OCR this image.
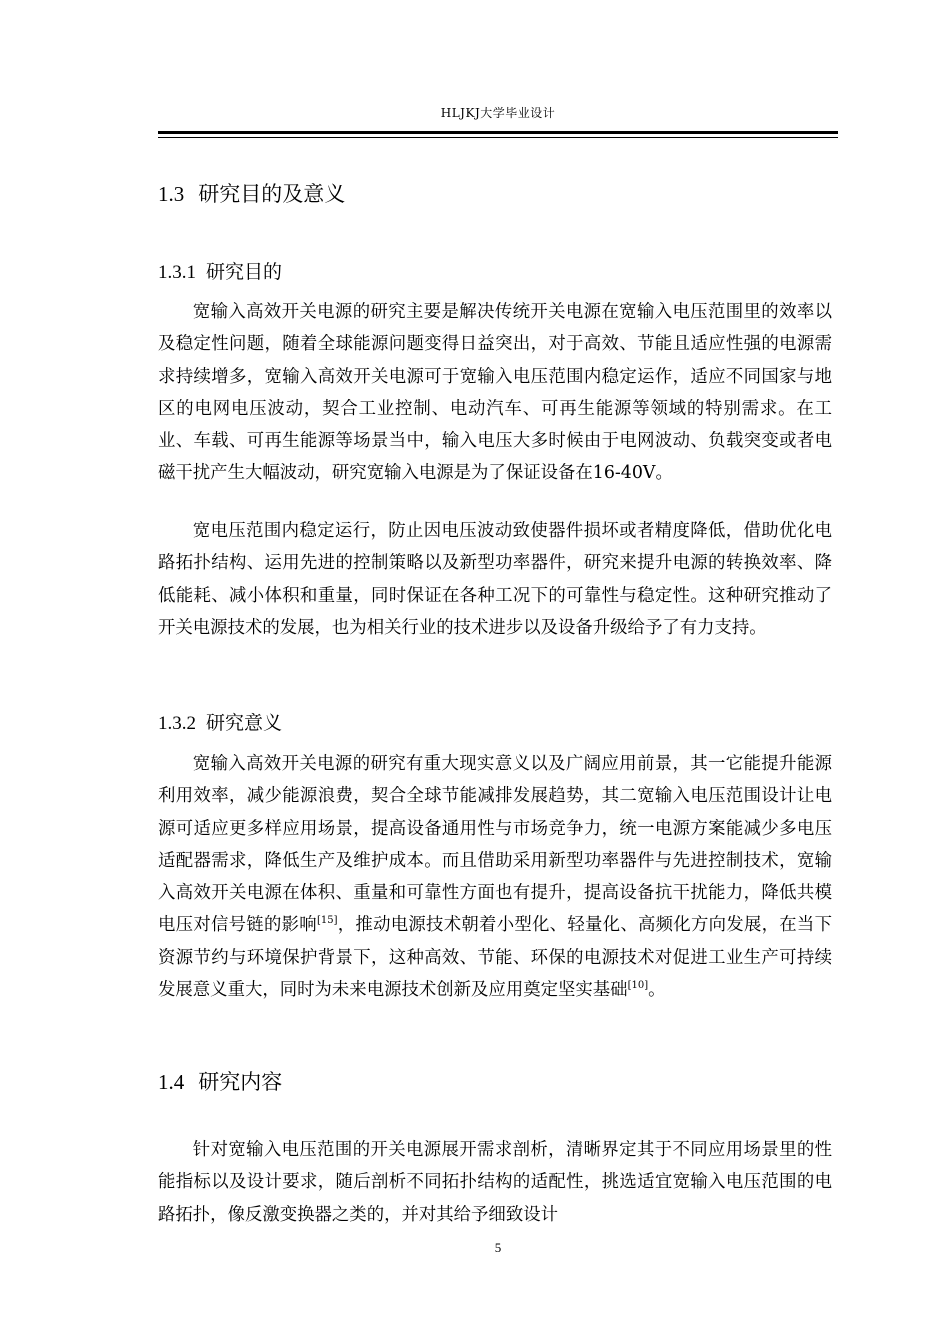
HLJKJ大学毕业设计
1.3 研究目的及意义
1.3.1 研究目的

宽输入高效开关电源的研究主要是解决传统开关电源在宽输入电压范围里的效率以及稳定性问题，随着全球能源问题变得日益突出，对于高效、节能且适应性强的电源需求持续增多，宽输入高效开关电源可于宽输入电压范围内稳定运作，适应不同国家与地区的电网电压波动，契合工业控制、电动汽车、可再生能源等领域的特别需求。在工业、车载、可再生能源等场景当中，输入电压大多时候由于电网波动、负载突变或者电磁干扰产生大幅波动，研究宽输入电源是为了保证设备在16-40V。

宽电压范围内稳定运行，防止因电压波动致使器件损坏或者精度降低，借助优化电路拓扑结构、运用先进的控制策略以及新型功率器件，研究来提升电源的转换效率、降低能耗、减小体积和重量，同时保证在各种工况下的可靠性与稳定性。这种研究推动了开关电源技术的发展，也为相关行业的技术进步以及设备升级给予了有力支持。

1.3.2 研究意义

宽输入高效开关电源的研究有重大现实意义以及广阔应用前景，其一它能提升能源利用效率，减少能源浪费，契合全球节能减排发展趋势，其二宽输入电压范围设计让电源可适应更多样应用场景，提高设备通用性与市场竞争力，统一电源方案能减少多电压适配器需求，降低生产及维护成本。而且借助采用新型功率器件与先进控制技术，宽输入高效开关电源在体积、重量和可靠性方面也有提升，提高设备抗干扰能力，降低共模电压对信号链的影响[15]，推动电源技术朝着小型化、轻量化、高频化方向发展，在当下资源节约与环境保护背景下，这种高效、节能、环保的电源技术对促进工业生产可持续发展意义重大，同时为未来电源技术创新及应用奠定坚实基础[10]。

1.4 研究内容

针对宽输入电压范围的开关电源展开需求剖析，清晰界定其于不同应用场景里的性能指标以及设计要求，随后剖析不同拓扑结构的适配性，挑选适宜宽输入电压范围的电路拓扑，像反激变换器之类的，并对其给予细致设计

5
